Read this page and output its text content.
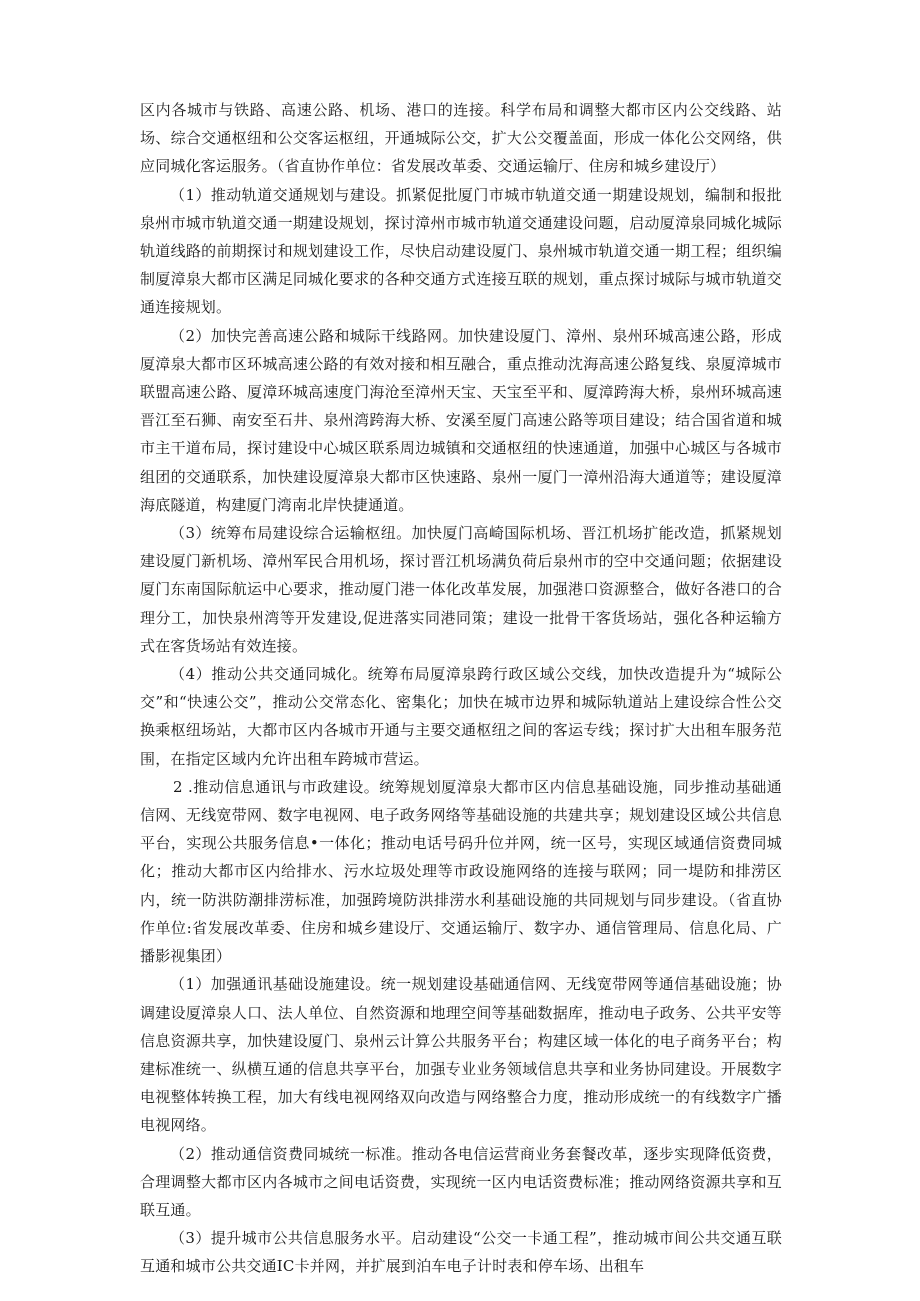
区内各城市与铁路、高速公路、机场、港口的连接。科学布局和调整大都市区内公交线路、站场、综合交通枢纽和公交客运枢纽，开通城际公交，扩大公交覆盖面，形成一体化公交网络，供应同城化客运服务。（省直协作单位：省发展改革委、交通运输厅、住房和城乡建设厅）

（1）推动轨道交通规划与建设。抓紧促批厦门市城市轨道交通一期建设规划，编制和报批泉州市城市轨道交通一期建设规划，探讨漳州市城市轨道交通建设问题，启动厦漳泉同城化城际轨道线路的前期探讨和规划建设工作，尽快启动建设厦门、泉州城市轨道交通一期工程；组织编制厦漳泉大都市区满足同城化要求的各种交通方式连接互联的规划，重点探讨城际与城市轨道交通连接规划。

（2）加快完善高速公路和城际干线路网。加快建设厦门、漳州、泉州环城高速公路，形成厦漳泉大都市区环城高速公路的有效对接和相互融合，重点推动沈海高速公路复线、泉厦漳城市联盟高速公路、厦漳环城高速度门海沧至漳州天宝、天宝至平和、厦漳跨海大桥，泉州环城高速晋江至石狮、南安至石井、泉州湾跨海大桥、安溪至厦门高速公路等项目建设；结合国省道和城市主干道布局，探讨建设中心城区联系周边城镇和交通枢纽的快速通道，加强中心城区与各城市组团的交通联系，加快建设厦漳泉大都市区快速路、泉州一厦门一漳州沿海大通道等；建设厦漳海底隧道，构建厦门湾南北岸快捷通道。

（3）统筹布局建设综合运输枢纽。加快厦门高崎国际机场、晋江机场扩能改造，抓紧规划建设厦门新机场、漳州军民合用机场，探讨晋江机场满负荷后泉州市的空中交通问题；依据建设厦门东南国际航运中心要求，推动厦门港一体化改革发展，加强港口资源整合，做好各港口的合理分工，加快泉州湾等开发建设,促进落实同港同策；建设一批骨干客货场站，强化各种运输方式在客货场站有效连接。

（4）推动公共交通同城化。统筹布局厦漳泉跨行政区域公交线，加快改造提升为“城际公交”和“快速公交”，推动公交常态化、密集化；加快在城市边界和城际轨道站上建设综合性公交换乘枢纽场站，大都市区内各城市开通与主要交通枢纽之间的客运专线；探讨扩大出租车服务范围，在指定区域内允许出租车跨城市营运。

2 .推动信息通讯与市政建设。统筹规划厦漳泉大都市区内信息基础设施，同步推动基础通信网、无线宽带网、数字电视网、电子政务网络等基础设施的共建共享；规划建设区域公共信息平台，实现公共服务信息•一体化；推动电话号码升位并网，统一区号，实现区域通信资费同城化；推动大都市区内给排水、污水垃圾处理等市政设施网络的连接与联网；同一堤防和排涝区内，统一防洪防潮排涝标准，加强跨境防洪排涝水利基础设施的共同规划与同步建设。（省直协作单位:省发展改革委、住房和城乡建设厅、交通运输厅、数字办、通信管理局、信息化局、广播影视集团）

（1）加强通讯基础设施建设。统一规划建设基础通信网、无线宽带网等通信基础设施；协调建设厦漳泉人口、法人单位、自然资源和地理空间等基础数据库，推动电子政务、公共平安等信息资源共享，加快建设厦门、泉州云计算公共服务平台；构建区域一体化的电子商务平台；构建标准统一、纵横互通的信息共享平台，加强专业业务领域信息共享和业务协同建设。开展数字电视整体转换工程，加大有线电视网络双向改造与网络整合力度，推动形成统一的有线数字广播电视网络。

（2）推动通信资费同城统一标准。推动各电信运营商业务套餐改革，逐步实现降低资费，合理调整大都市区内各城市之间电话资费，实现统一区内电话资费标准；推动网络资源共享和互联互通。

（3）提升城市公共信息服务水平。启动建设“公交一卡通工程”，推动城市间公共交通互联互通和城市公共交通IC卡并网，并扩展到泊车电子计时表和停车场、出租车
